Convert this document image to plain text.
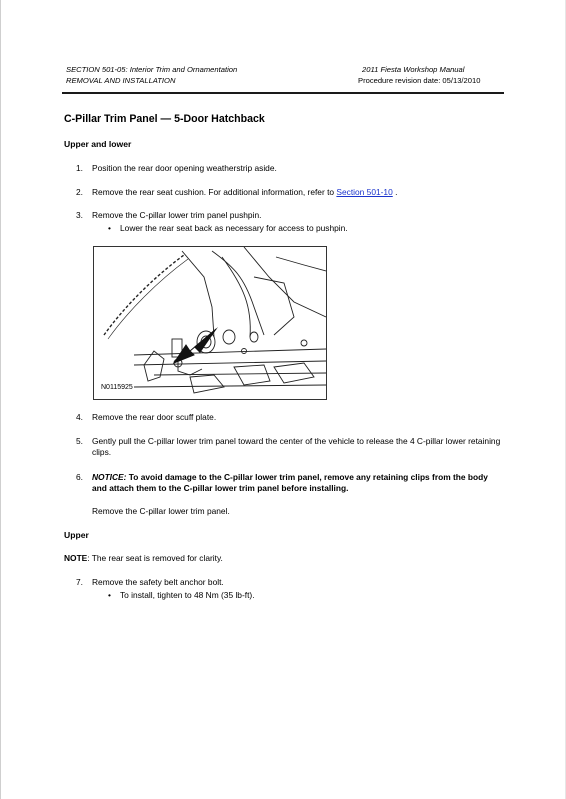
SECTION 501-05: Interior Trim and Ornamentation
REMOVAL AND INSTALLATION
2011 Fiesta Workshop Manual
Procedure revision date: 05/13/2010
C-Pillar Trim Panel — 5-Door Hatchback
Upper and lower
1. Position the rear door opening weatherstrip aside.
2. Remove the rear seat cushion. For additional information, refer to Section 501-10 .
3. Remove the C-pillar lower trim panel pushpin.
• Lower the rear seat back as necessary for access to pushpin.
N0115925
4. Remove the rear door scuff plate.
5. Gently pull the C-pillar lower trim panel toward the center of the vehicle to release the 4 C-pillar lower retaining clips.
6. NOTICE: To avoid damage to the C-pillar lower trim panel, remove any retaining clips from the body and attach them to the C-pillar lower trim panel before installing.
Remove the C-pillar lower trim panel.
Upper
NOTE: The rear seat is removed for clarity.
7. Remove the safety belt anchor bolt.
• To install, tighten to 48 Nm (35 lb-ft).
